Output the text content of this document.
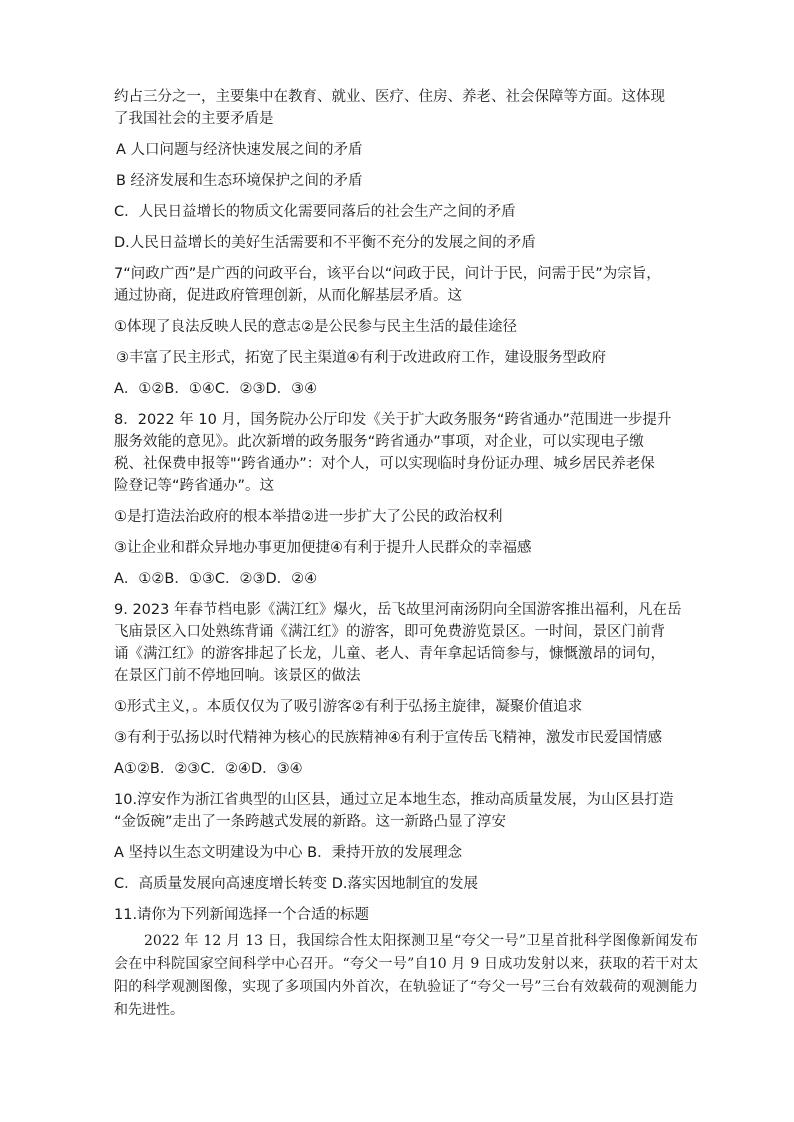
约占三分之一，主要集中在教育、就业、医疗、住房、养老、社会保障等方面。这体现
了我国社会的主要矛盾是
A 人口问题与经济快速发展之间的矛盾
B 经济发展和生态环境保护之间的矛盾
C．人民日益增长的物质文化需要同落后的社会生产之间的矛盾
D.人民日益增长的美好生活需要和不平衡不充分的发展之间的矛盾
7“问政广西”是广西的问政平台，该平台以“问政于民，问计于民，问需于民”为宗旨，
通过协商，促进政府管理创新，从而化解基层矛盾。这
①体现了良法反映人民的意志②是公民参与民主生活的最佳途径
③丰富了民主形式，拓宽了民主渠道④有利于改进政府工作，建设服务型政府
A．①②B．①④C．②③D．③④
8．2022 年 10 月，国务院办公厅印发《关于扩大政务服务“跨省通办”范围进一步提升
服务效能的意见》。此次新增的政务服务“跨省通办”事项，对企业，可以实现电子缴
税、社保费申报等"‘跨省通办”：对个人，可以实现临时身份证办理、城乡居民养老保
险登记等“跨省通办”。这
①是打造法治政府的根本举措②进一步扩大了公民的政治权利
③让企业和群众异地办事更加便捷④有利于提升人民群众的幸福感
A．①②B．①③C．②③D．②④
9. 2023 年春节档电影《满江红》爆火，岳飞故里河南汤阴向全国游客推出福利，凡在岳
飞庙景区入口处熟练背诵《满江红》的游客，即可免费游览景区。一时间，景区门前背
诵《满江红》的游客排起了长龙，儿童、老人、青年拿起话筒参与，慷慨激昂的词句，
在景区门前不停地回响。该景区的做法
①形式主义，。本质仅仅为了吸引游客②有利于弘扬主旋律，凝聚价值追求
③有利于弘扬以时代精神为核心的民族精神④有利于宣传岳飞精神，激发市民爱国情感
A①②B．②③C．②④D．③④
10.淳安作为浙江省典型的山区县，通过立足本地生态，推动高质量发展，为山区县打造
“金饭碗”走出了一条跨越式发展的新路。这一新路凸显了淳安
A 坚持以生态文明建设为中心 B．秉持开放的发展理念
C．高质量发展向高速度增长转变 D.落实因地制宜的发展
11.请你为下列新闻选择一个合适的标题
2022 年 12 月 13 日，我国综合性太阳探测卫星“夸父一号”卫星首批科学图像新闻发布会在中科院国家空间科学中心召开。“夸父一号”自10 月 9 日成功发射以来，获取的若干对太阳的科学观测图像，实现了多项国内外首次，在轨验证了“夸父一号”三台有效载荷的观测能力和先进性。
